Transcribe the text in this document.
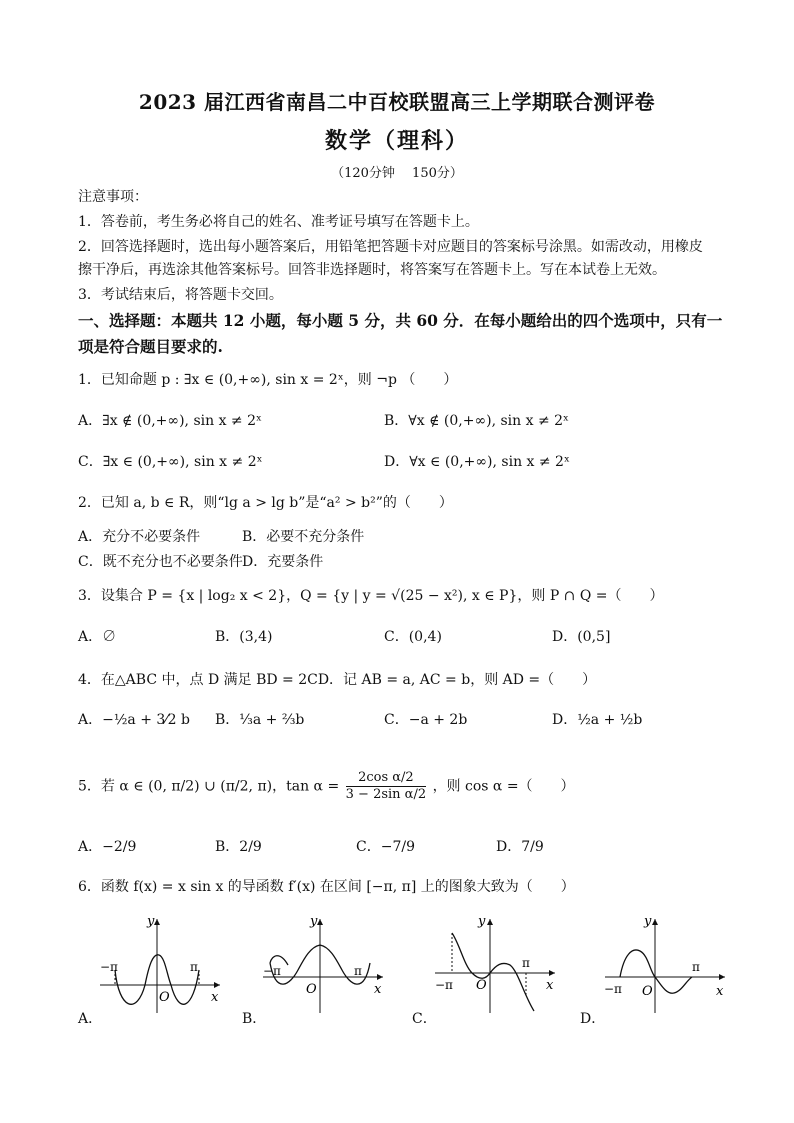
2023 届江西省南昌二中百校联盟高三上学期联合测评卷
数学（理科）
（120分钟　 150分）
注意事项：
1．答卷前，考生务必将自己的姓名、准考证号填写在答题卡上。
2．回答选择题时，选出每小题答案后，用铅笔把答题卡对应题目的答案标号涂黑。如需改动，用橡皮
擦干净后，再选涂其他答案标号。回答非选择题时，将答案写在答题卡上。写在本试卷上无效。
3．考试结束后，将答题卡交回。
一、选择题：本题共 12 小题，每小题 5 分，共 60 分．在每小题给出的四个选项中，只有一
项是符合题目要求的.
1．已知命题 p : ∃x ∈ (0,+∞), sin x = 2ˣ，则 ¬p （　　）
A．∃x ∉ (0,+∞), sin x ≠ 2ˣ	B．∀x ∉ (0,+∞), sin x ≠ 2ˣ
C．∃x ∈ (0,+∞), sin x ≠ 2ˣ	D．∀x ∈ (0,+∞), sin x ≠ 2ˣ
2．已知 a, b ∈ R，则“lg a > lg b”是“a² > b²”的（　　）
A．充分不必要条件	B．必要不充分条件
C．既不充分也不必要条件 D．充要条件
3．设集合 P = {x | log₂ x < 2}，Q = {y | y = √(25 − x²), x ∈ P}，则 P ∩ Q =（　　）
A．∅	B．(3,4)	C．(0,4)	D．(0,5]
4．在△ABC 中，点 D 满足 BD = 2CD．记 AB = a, AC = b，则 AD =（　　）
A．−½a + 3⁄2 b B．⅓a + ⅔b	C．−a + 2b	D．½a + ½b
5．若 α ∈ (0, π/2) ∪ (π/2, π)，$\tan \alpha = \frac{\text{2cos α/2}}{\text{3 − 2sin α/2}}$ ，则 cos α =（　　）
A．−2/9	B．2/9	C．−7/9	D．7/9
6．函数 f(x) = x sin x 的导函数 f′(x) 在区间 [−π, π] 上的图象大致为（　　）
y
x
O
−π	π
A．
y
x
O
−π	π
B．
y
x
O
−π
π
C．
y
x
O
−π
π
D．
